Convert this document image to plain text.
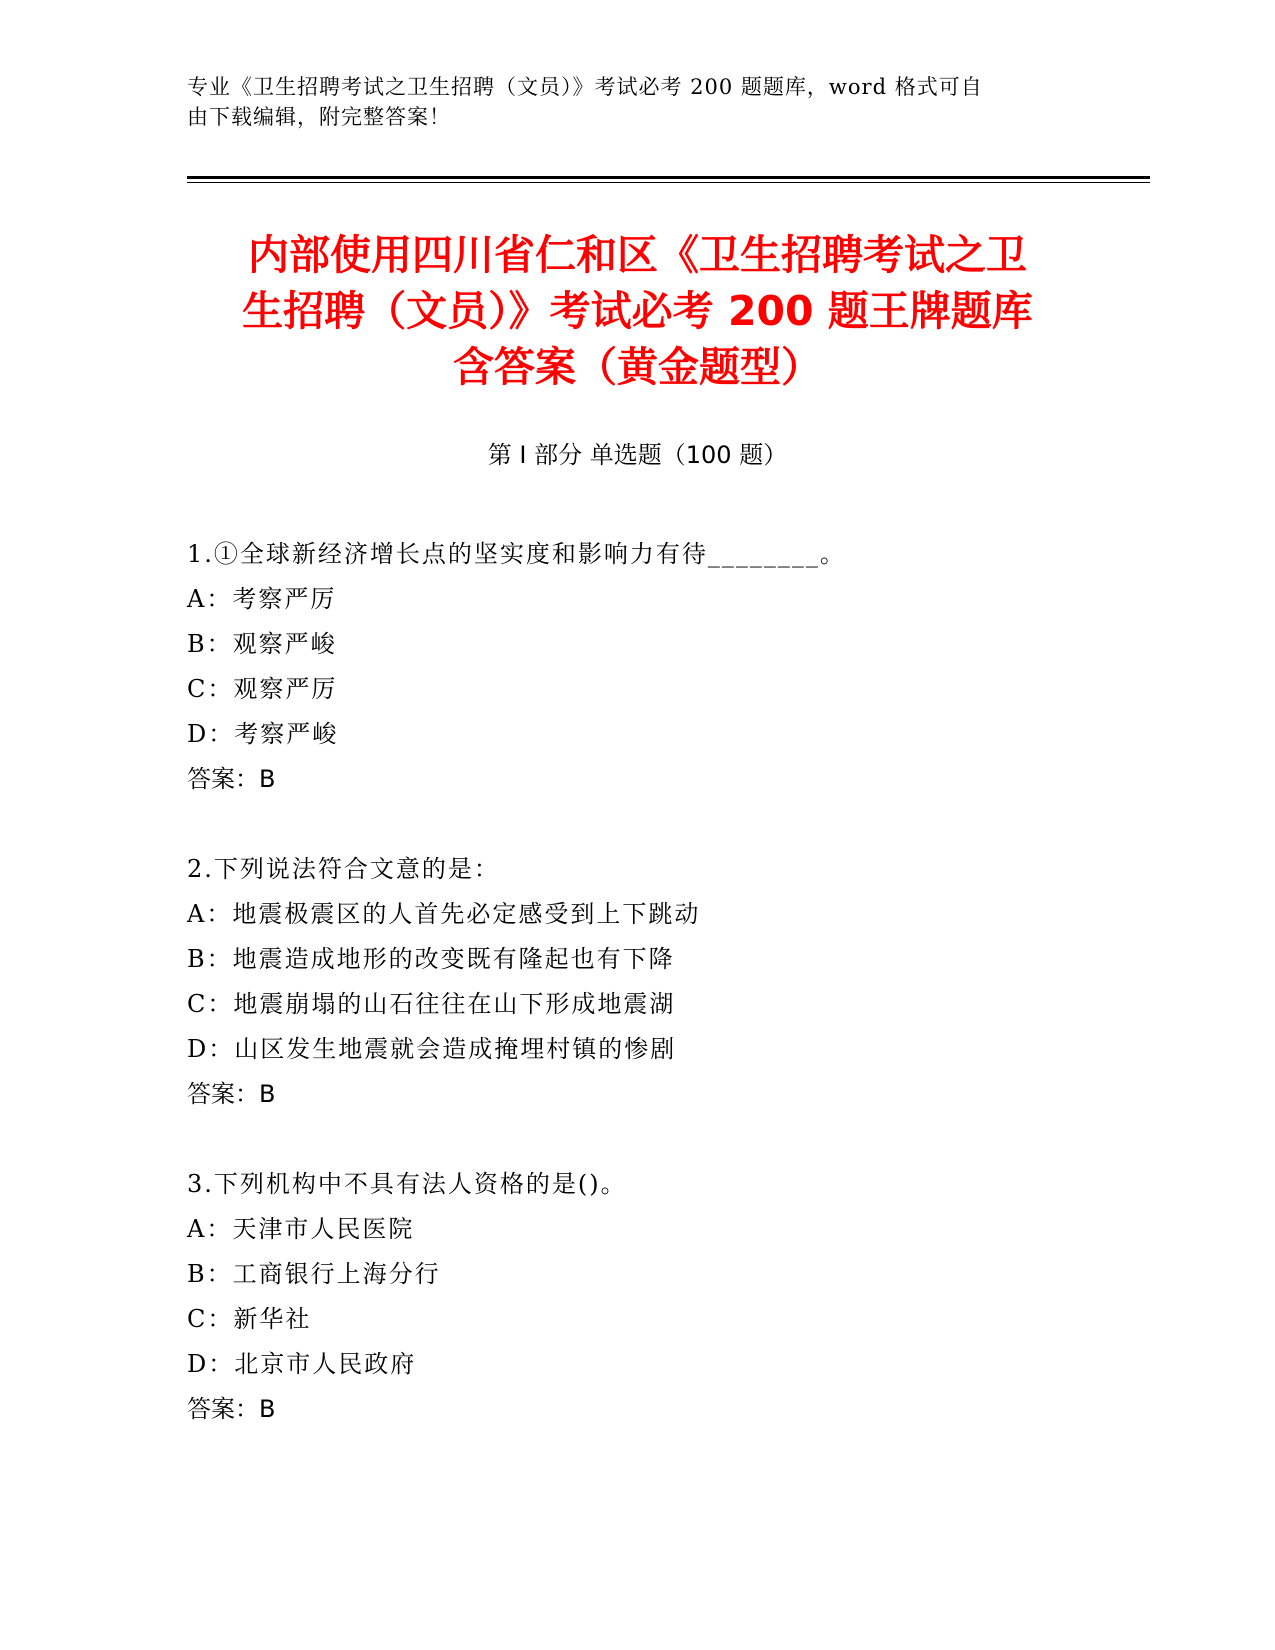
专业《卫生招聘考试之卫生招聘（文员）》考试必考 200 题题库，word 格式可自
由下载编辑，附完整答案！
内部使用四川省仁和区《卫生招聘考试之卫
生招聘（文员）》考试必考 200 题王牌题库
含答案（黄金题型）
第 I 部分 单选题（100 题）
1.①全球新经济增长点的坚实度和影响力有待________。
A：考察严厉
B：观察严峻
C：观察严厉
D：考察严峻
答案：B
2.下列说法符合文意的是：
A：地震极震区的人首先必定感受到上下跳动
B：地震造成地形的改变既有隆起也有下降
C：地震崩塌的山石往往在山下形成地震湖
D：山区发生地震就会造成掩埋村镇的惨剧
答案：B
3.下列机构中不具有法人资格的是()。
A：天津市人民医院
B：工商银行上海分行
C：新华社
D：北京市人民政府
答案：B
